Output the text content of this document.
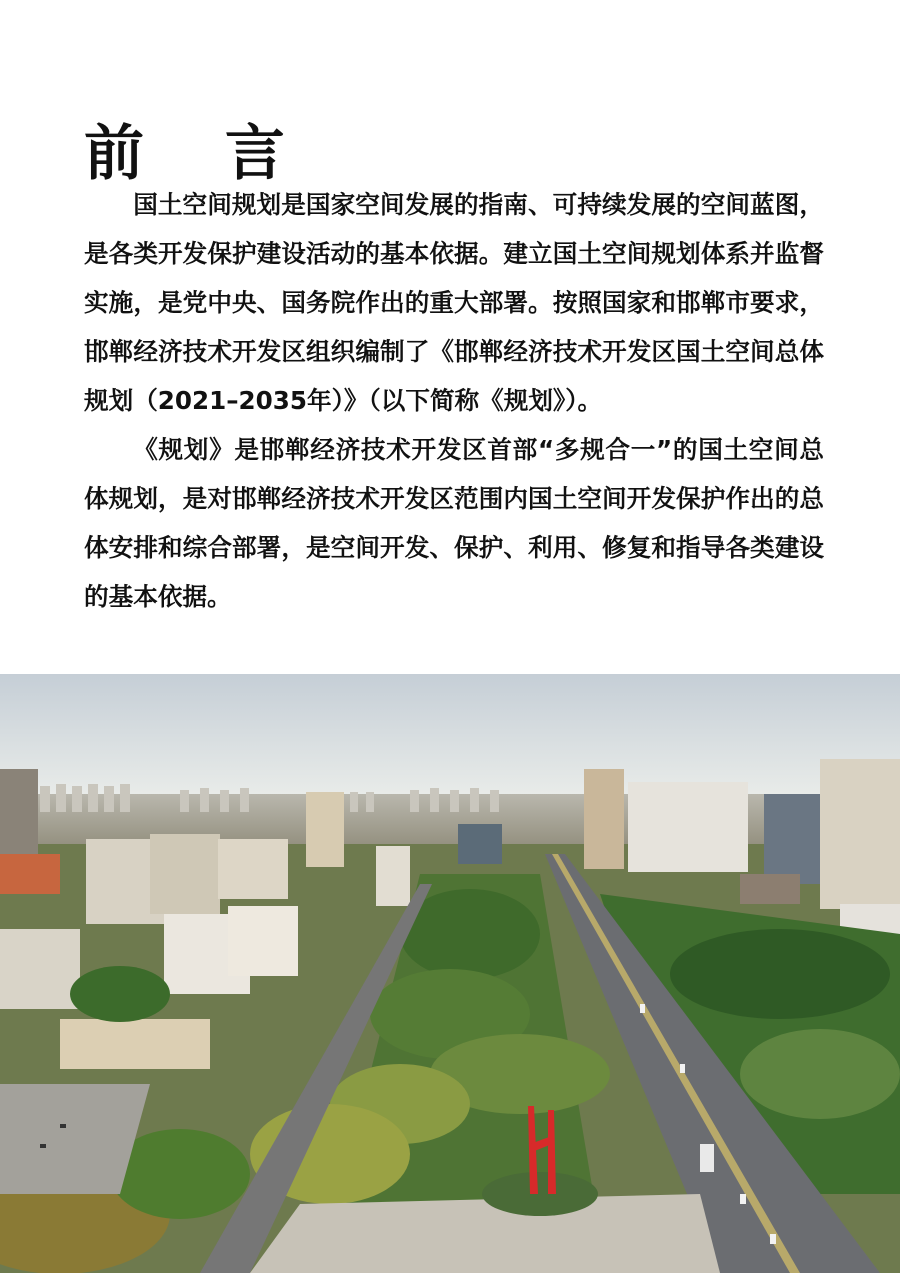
前 言

国土空间规划是国家空间发展的指南、可持续发展的空间蓝图，是各类开发保护建设活动的基本依据。建立国土空间规划体系并监督实施，是党中央、国务院作出的重大部署。按照国家和邯郸市要求，邯郸经济技术开发区组织编制了《邯郸经济技术开发区国土空间总体规划（2021–2035年）》（以下简称《规划》）。

《规划》是邯郸经济技术开发区首部“多规合一”的国土空间总体规划，是对邯郸经济技术开发区范围内国土空间开发保护作出的总体安排和综合部署，是空间开发、保护、利用、修复和指导各类建设的基本依据。
